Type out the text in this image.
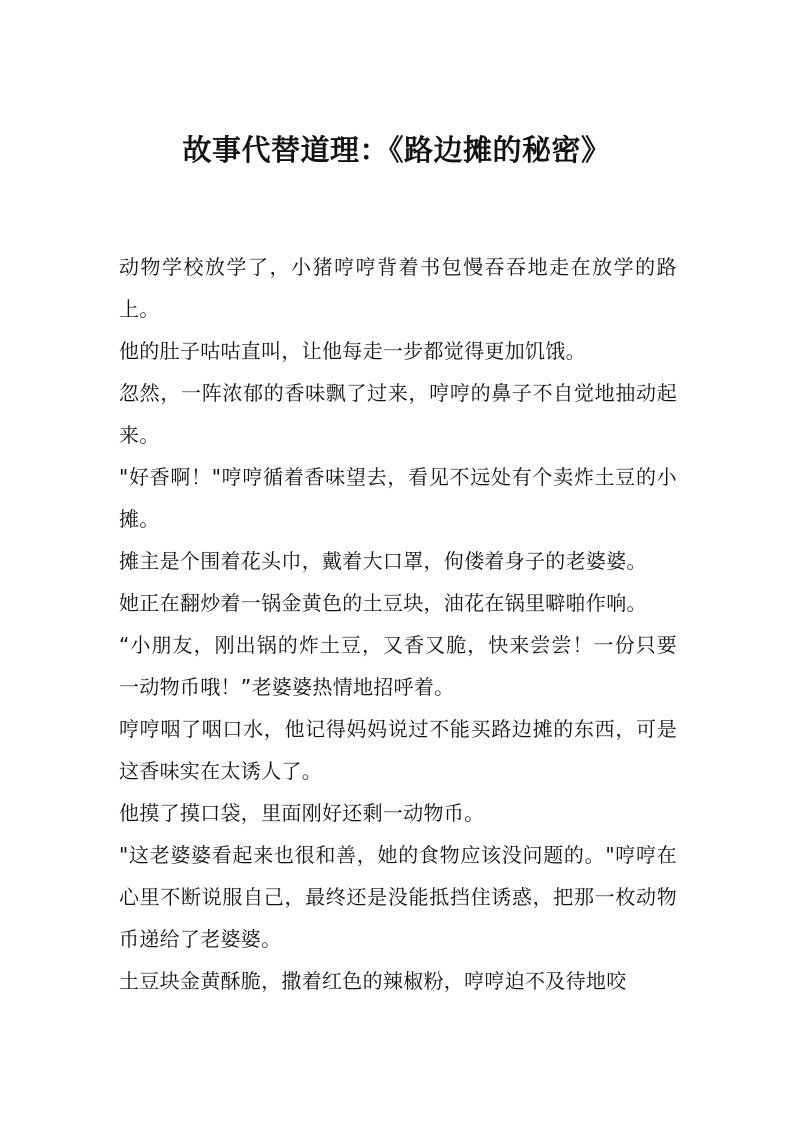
故事代替道理：《路边摊的秘密》

动物学校放学了，小猪哼哼背着书包慢吞吞地走在放学的路上。

他的肚子咕咕直叫，让他每走一步都觉得更加饥饿。

忽然，一阵浓郁的香味飘了过来，哼哼的鼻子不自觉地抽动起来。

"好香啊！"哼哼循着香味望去，看见不远处有个卖炸土豆的小摊。

摊主是个围着花头巾，戴着大口罩，佝偻着身子的老婆婆。

她正在翻炒着一锅金黄色的土豆块，油花在锅里噼啪作响。

“小朋友，刚出锅的炸土豆，又香又脆，快来尝尝！一份只要一动物币哦！”老婆婆热情地招呼着。

哼哼咽了咽口水，他记得妈妈说过不能买路边摊的东西，可是这香味实在太诱人了。

他摸了摸口袋，里面刚好还剩一动物币。

"这老婆婆看起来也很和善，她的食物应该没问题的。"哼哼在心里不断说服自己，最终还是没能抵挡住诱惑，把那一枚动物币递给了老婆婆。

土豆块金黄酥脆，撒着红色的辣椒粉，哼哼迫不及待地咬
